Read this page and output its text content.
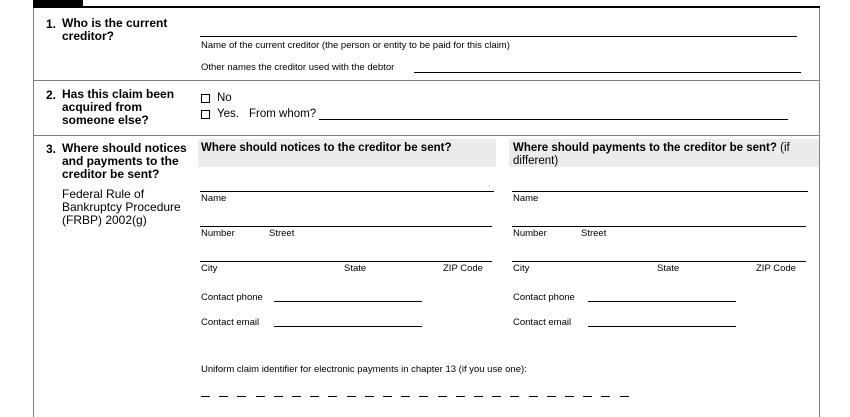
1. Who is the current creditor?
Name of the current creditor (the person or entity to be paid for this claim)
Other names the creditor used with the debtor
2. Has this claim been acquired from someone else?
No
Yes. From whom?
3. Where should notices and payments to the creditor be sent?
Federal Rule of Bankruptcy Procedure (FRBP) 2002(g)
Where should notices to the creditor be sent?
Name
Number	Street
City	State	ZIP Code
Contact phone
Contact email
Where should payments to the creditor be sent? (if different)
Name
Number	Street
City	State	ZIP Code
Contact phone
Contact email
Uniform claim identifier for electronic payments in chapter 13 (if you use one):
